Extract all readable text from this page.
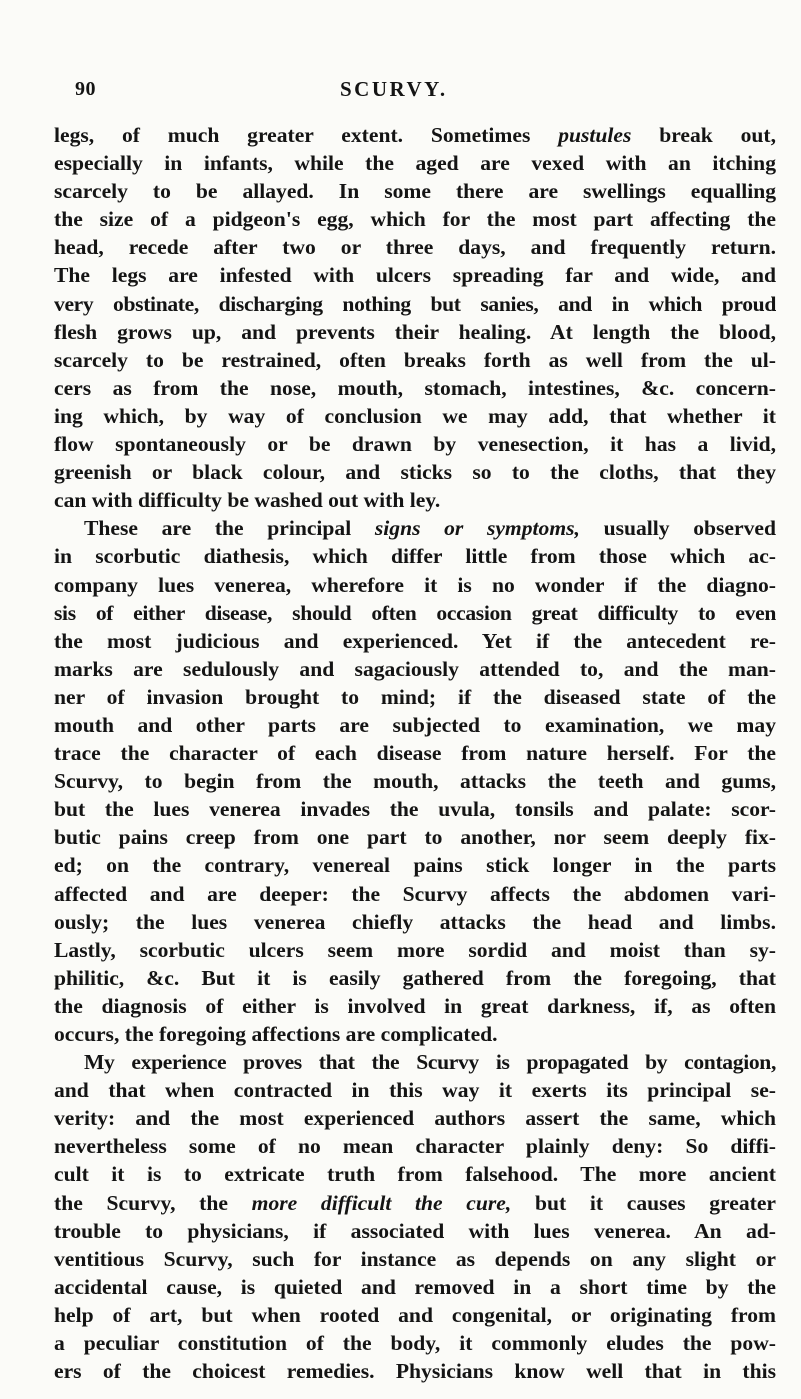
90	SCURVY.
legs, of much greater extent. Sometimes pustules break out,
especially in infants, while the aged are vexed with an itching
scarcely to be allayed. In some there are swellings equalling
the size of a pidgeon's egg, which for the most part affecting the
head, recede after two or three days, and frequently return.
The legs are infested with ulcers spreading far and wide, and
very obstinate, discharging nothing but sanies, and in which proud
flesh grows up, and prevents their healing. At length the blood,
scarcely to be restrained, often breaks forth as well from the ul-
cers as from the nose, mouth, stomach, intestines, &c. concern-
ing which, by way of conclusion we may add, that whether it
flow spontaneously or be drawn by venesection, it has a livid,
greenish or black colour, and sticks so to the cloths, that they
can with difficulty be washed out with ley.
These are the principal signs or symptoms, usually observed
in scorbutic diathesis, which differ little from those which ac-
company lues venerea, wherefore it is no wonder if the diagno-
sis of either disease, should often occasion great difficulty to even
the most judicious and experienced. Yet if the antecedent re-
marks are sedulously and sagaciously attended to, and the man-
ner of invasion brought to mind; if the diseased state of the
mouth and other parts are subjected to examination, we may
trace the character of each disease from nature herself. For the
Scurvy, to begin from the mouth, attacks the teeth and gums,
but the lues venerea invades the uvula, tonsils and palate: scor-
butic pains creep from one part to another, nor seem deeply fix-
ed; on the contrary, venereal pains stick longer in the parts
affected and are deeper: the Scurvy affects the abdomen vari-
ously; the lues venerea chiefly attacks the head and limbs.
Lastly, scorbutic ulcers seem more sordid and moist than sy-
philitic, &c. But it is easily gathered from the foregoing, that
the diagnosis of either is involved in great darkness, if, as often
occurs, the foregoing affections are complicated.
My experience proves that the Scurvy is propagated by contagion,
and that when contracted in this way it exerts its principal se-
verity: and the most experienced authors assert the same, which
nevertheless some of no mean character plainly deny: So diffi-
cult it is to extricate truth from falsehood. The more ancient
the Scurvy, the more difficult the cure, but it causes greater
trouble to physicians, if associated with lues venerea. An ad-
ventitious Scurvy, such for instance as depends on any slight or
accidental cause, is quieted and removed in a short time by the
help of art, but when rooted and congenital, or originating from
a peculiar constitution of the body, it commonly eludes the pow-
ers of the choicest remedies. Physicians know well that in this
